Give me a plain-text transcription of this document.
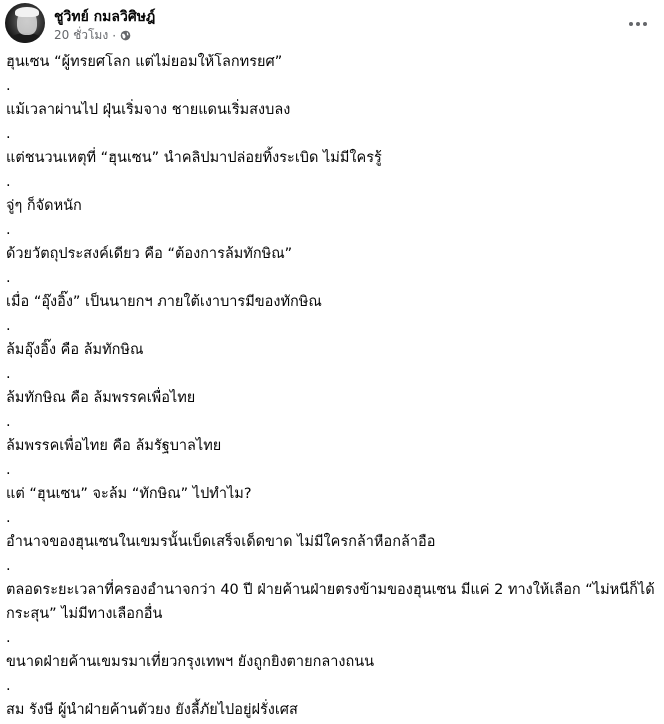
ชูวิทย์ กมลวิศิษฎ์
20 ชั่วโมง ·

ฮุนเซน “ผู้ทรยศโลก แต่ไม่ยอมให้โลกทรยศ”

.

แม้เวลาผ่านไป ฝุ่นเริ่มจาง ชายแดนเริ่มสงบลง

.

แต่ชนวนเหตุที่ “ฮุนเซน” นำคลิปมาปล่อยทิ้งระเบิด ไม่มีใครรู้

.

จู่ๆ ก็จัดหนัก

.

ด้วยวัตถุประสงค์เดียว คือ “ต้องการล้มทักษิณ”

.

เมื่อ “อุ๊งอิ๊ง” เป็นนายกฯ ภายใต้เงาบารมีของทักษิณ

.

ล้มอุ๊งอิ๊ง คือ ล้มทักษิณ

.

ล้มทักษิณ คือ ล้มพรรคเพื่อไทย

.

ล้มพรรคเพื่อไทย คือ ล้มรัฐบาลไทย

.

แต่ “ฮุนเซน” จะล้ม “ทักษิณ” ไปทำไม?

.

อำนาจของฮุนเซนในเขมรนั้นเบ็ดเสร็จเด็ดขาด ไม่มีใครกล้าหือกล้าอือ

.

ตลอดระยะเวลาที่ครองอำนาจกว่า 40 ปี ฝ่ายค้านฝ่ายตรงข้ามของฮุนเซน มีแค่ 2 ทางให้เลือก “ไม่หนีก็ได้กระสุน” ไม่มีทางเลือกอื่น

.

ขนาดฝ่ายค้านเขมรมาเที่ยวกรุงเทพฯ ยังถูกยิงตายกลางถนน

.

สม รังษี ผู้นำฝ่ายค้านตัวยง ยังลี้ภัยไปอยู่ฝรั่งเศส
